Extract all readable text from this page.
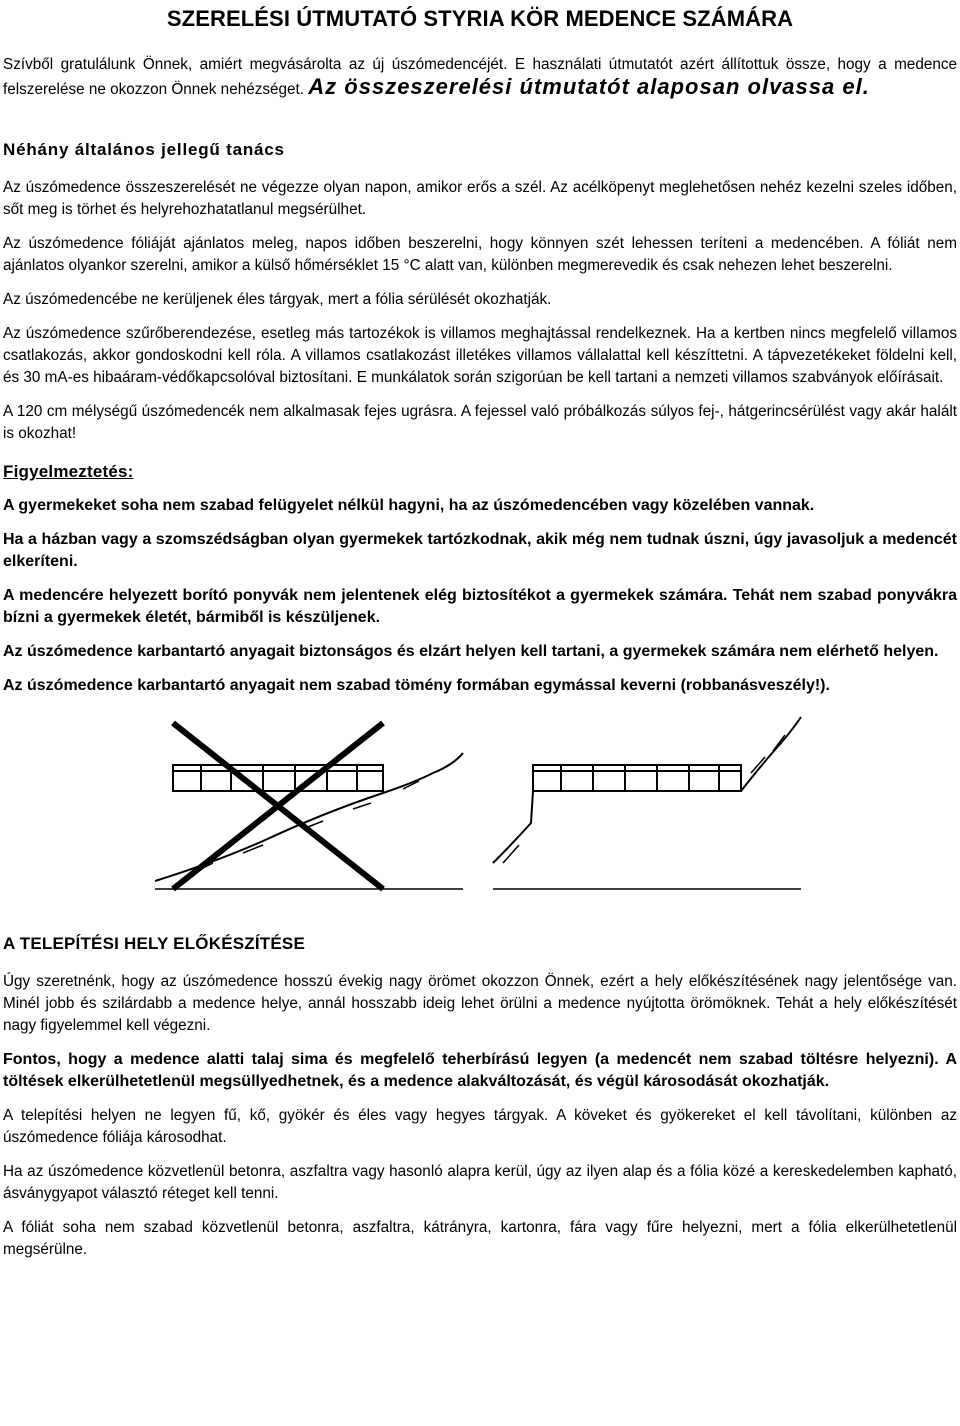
SZERELÉSI ÚTMUTATÓ STYRIA KÖR MEDENCE SZÁMÁRA

Szívből gratulálunk Önnek, amiért megvásárolta az új úszómedencéjét. E használati útmutatót azért állítottuk össze, hogy a medence felszerelése ne okozzon Önnek nehézséget. Az összeszerelési útmutatót alaposan olvassa el.

Néhány általános jellegű tanács

Az úszómedence összeszerelését ne végezze olyan napon, amikor erős a szél. Az acélköpenyt meglehetősen nehéz kezelni szeles időben, sőt meg is törhet és helyrehozhatatlanul megsérülhet.

Az úszómedence fóliáját ajánlatos meleg, napos időben beszerelni, hogy könnyen szét lehessen teríteni a medencében. A fóliát nem ajánlatos olyankor szerelni, amikor a külső hőmérséklet 15 °C alatt van, különben megmerevedik és csak nehezen lehet beszerelni.

Az úszómedencébe ne kerüljenek éles tárgyak, mert a fólia sérülését okozhatják.

Az úszómedence szűrőberendezése, esetleg más tartozékok is villamos meghajtással rendelkeznek. Ha a kertben nincs megfelelő villamos csatlakozás, akkor gondoskodni kell róla. A villamos csatlakozást illetékes villamos vállalattal kell készíttetni. A tápvezetékeket földelni kell, és 30 mA-es hibaáram-védőkapcsolóval biztosítani. E munkálatok során szigorúan be kell tartani a nemzeti villamos szabványok előírásait.

A 120 cm mélységű úszómedencék nem alkalmasak fejes ugrásra. A fejessel való próbálkozás súlyos fej-, hátgerincsérülést vagy akár halált is okozhat!

Figyelmeztetés:

A gyermekeket soha nem szabad felügyelet nélkül hagyni, ha az úszómedencében vagy közelében vannak.

Ha a házban vagy a szomszédságban olyan gyermekek tartózkodnak, akik még nem tudnak úszni, úgy javasoljuk a medencét elkeríteni.

A medencére helyezett borító ponyvák nem jelentenek elég biztosítékot a gyermekek számára. Tehát nem szabad ponyvákra bízni a gyermekek életét, bármiből is készüljenek.

Az úszómedence karbantartó anyagait biztonságos és elzárt helyen kell tartani, a gyermekek számára nem elérhető helyen.

Az úszómedence karbantartó anyagait nem szabad tömény formában egymással keverni (robbanásveszély!).

A TELEPÍTÉSI HELY ELŐKÉSZÍTÉSE

Úgy szeretnénk, hogy az úszómedence hosszú évekig nagy örömet okozzon Önnek, ezért a hely előkészítésének nagy jelentősége van. Minél jobb és szilárdabb a medence helye, annál hosszabb ideig lehet örülni a medence nyújtotta örömöknek. Tehát a hely előkészítését nagy figyelemmel kell végezni.

Fontos, hogy a medence alatti talaj sima és megfelelő teherbírású legyen (a medencét nem szabad töltésre helyezni). A töltések elkerülhetetlenül megsüllyedhetnek, és a medence alakváltozását, és végül károsodását okozhatják.

A telepítési helyen ne legyen fű, kő, gyökér és éles vagy hegyes tárgyak. A köveket és gyökereket el kell távolítani, különben az úszómedence fóliája károsodhat.

Ha az úszómedence közvetlenül betonra, aszfaltra vagy hasonló alapra kerül, úgy az ilyen alap és a fólia közé a kereskedelemben kapható, ásványgyapot választó réteget kell tenni.

A fóliát soha nem szabad közvetlenül betonra, aszfaltra, kátrányra, kartonra, fára vagy fűre helyezni, mert a fólia elkerülhetetlenül megsérülne.
